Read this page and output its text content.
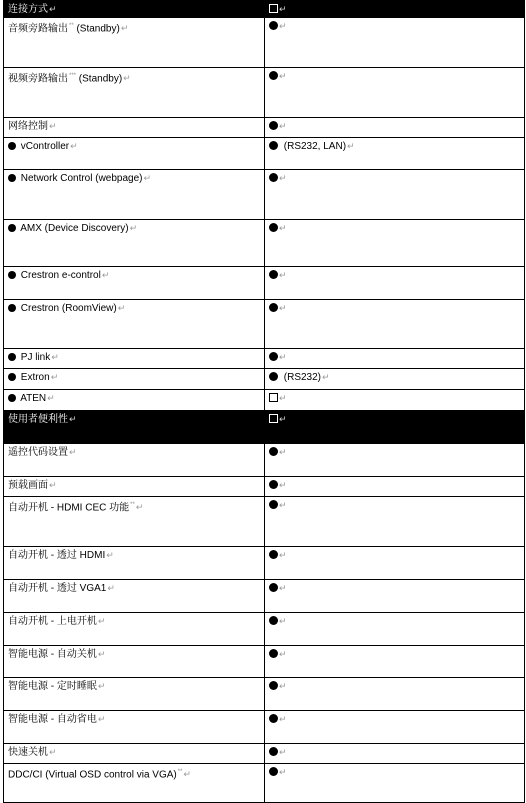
连接方式↵	↵
音频旁路输出** (Standby)↵	↵
视频旁路输出*** (Standby)↵	↵
网络控制↵	↵
vController↵	(RS232, LAN)↵
Network Control (webpage)↵	↵
AMX (Device Discovery)↵	↵
Crestron e-control↵	↵
Crestron (RoomView)↵	↵
PJ link↵	↵
Extron↵	(RS232)↵
ATEN↵	↵
使用者便利性↵	↵
遥控代码设置↵	↵
预载画面↵	↵
自动开机 - HDMI CEC 功能**↵	↵
自动开机 - 透过 HDMI↵	↵
自动开机 - 透过 VGA1↵	↵
自动开机 - 上电开机↵	↵
智能电源 - 自动关机↵	↵
智能电源 - 定时睡眠↵	↵
智能电源 - 自动省电↵	↵
快速关机↵	↵
DDC/CI (Virtual OSD control via VGA)**↵	↵
